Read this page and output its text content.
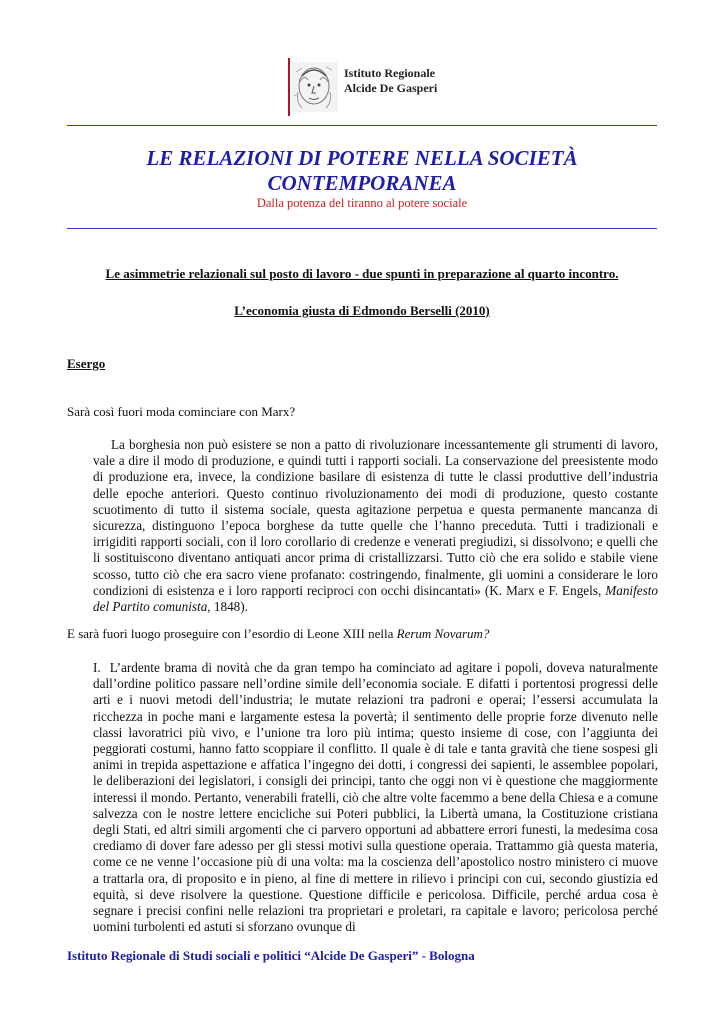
Istituto Regionale
Alcide De Gasperi
LE RELAZIONI DI POTERE NELLA SOCIETÀ
CONTEMPORANEA
Dalla potenza del tiranno al potere sociale
Le asimmetrie relazionali sul posto di lavoro - due spunti in preparazione al quarto incontro.
L’economia giusta di Edmondo Berselli (2010)
Esergo
Sarà così fuori moda cominciare con Marx?
La borghesia non può esistere se non a patto di rivoluzionare incessantemente gli strumenti di lavoro, vale a dire il modo di produzione, e quindi tutti i rapporti sociali. La conservazione del preesistente modo di produzione era, invece, la condizione basilare di esistenza di tutte le classi produttive dell’industria delle epoche anteriori. Questo continuo rivoluzionamento dei modi di produzione, questo costante scuotimento di tutto il sistema sociale, questa agitazione perpetua e questa permanente mancanza di sicurezza, distinguono l’epoca borghese da tutte quelle che l’hanno preceduta. Tutti i tradizionali e irrigiditi rapporti sociali, con il loro corollario di credenze e venerati pregiudizi, si dissolvono; e quelli che li sostituiscono diventano antiquati ancor prima di cristallizzarsi. Tutto ciò che era solido e stabile viene scosso, tutto ciò che era sacro viene profanato: costringendo, finalmente, gli uomini a considerare le loro condizioni di esistenza e i loro rapporti reciproci con occhi disincantati» (K. Marx e F. Engels, Manifesto del Partito comunista, 1848).
E sarà fuori luogo proseguire con l’esordio di Leone XIII nella Rerum Novarum?
I. L’ardente brama di novità che da gran tempo ha cominciato ad agitare i popoli, doveva naturalmente dall’ordine politico passare nell’ordine simile dell’economia sociale. E difatti i portentosi progressi delle arti e i nuovi metodi dell’industria; le mutate relazioni tra padroni e operai; l’essersi accumulata la ricchezza in poche mani e largamente estesa la povertà; il sentimento delle proprie forze divenuto nelle classi lavoratrici più vivo, e l’unione tra loro più intima; questo insieme di cose, con l’aggiunta dei peggiorati costumi, hanno fatto scoppiare il conflitto. Il quale è di tale e tanta gravità che tiene sospesi gli animi in trepida aspettazione e affatica l’ingegno dei dotti, i congressi dei sapienti, le assemblee popolari, le deliberazioni dei legislatori, i consigli dei principi, tanto che oggi non vi è questione che maggiormente interessi il mondo. Pertanto, venerabili fratelli, ciò che altre volte facemmo a bene della Chiesa e a comune salvezza con le nostre lettere encicliche sui Poteri pubblici, la Libertà umana, la Costituzione cristiana degli Stati, ed altri simili argomenti che ci parvero opportuni ad abbattere errori funesti, la medesima cosa crediamo di dover fare adesso per gli stessi motivi sulla questione operaia. Trattammo già questa materia, come ce ne venne l’occasione più di una volta: ma la coscienza dell’apostolico nostro ministero ci muove a trattarla ora, di proposito e in pieno, al fine di mettere in rilievo i principi con cui, secondo giustizia ed equità, si deve risolvere la questione. Questione difficile e pericolosa. Difficile, perché ardua cosa è segnare i precisi confini nelle relazioni tra proprietari e proletari, ra capitale e lavoro; pericolosa perché uomini turbolenti ed astuti si sforzano ovunque di
Istituto Regionale di Studi sociali e politici “Alcide De Gasperi” - Bologna
